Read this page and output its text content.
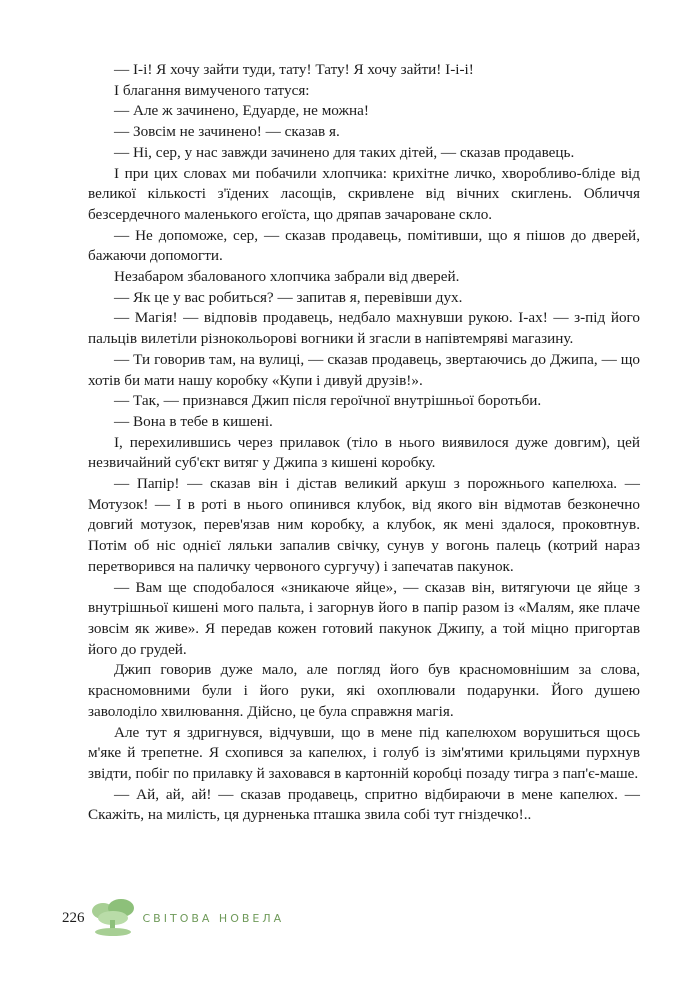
— І-і! Я хочу зайти туди, тату! Тату! Я хочу зайти! І-і-і!

І благання вимученого татуся:

— Але ж зачинено, Едуарде, не можна!

— Зовсім не зачинено! — сказав я.

— Ні, сер, у нас завжди зачинено для таких дітей, — сказав продавець.

І при цих словах ми побачили хлопчика: крихітне личко, хворобливо-бліде від великої кількості з'їдених ласощів, скривлене від вічних скиглень. Обличчя безсердечного маленького егоїста, що дряпав зачароване скло.

— Не допоможе, сер, — сказав продавець, помітивши, що я пішов до дверей, бажаючи допомогти.

Незабаром збалованого хлопчика забрали від дверей.

— Як це у вас робиться? — запитав я, перевівши дух.

— Магія! — відповів продавець, недбало махнувши рукою. І-ах! — з-під його пальців вилетіли різнокольорові вогники й згасли в напівтемряві магазину.

— Ти говорив там, на вулиці, — сказав продавець, звертаючись до Джипа, — що хотів би мати нашу коробку «Купи і дивуй друзів!».

— Так, — признався Джип після героїчної внутрішньої боротьби.

— Вона в тебе в кишені.

І, перехилившись через прилавок (тіло в нього виявилося дуже довгим), цей незвичайний суб'єкт витяг у Джипа з кишені коробку.

— Папір! — сказав він і дістав великий аркуш з порожнього капелюха. — Мотузок! — І в роті в нього опинився клубок, від якого він відмотав безконечно довгий мотузок, перев'язав ним коробку, а клубок, як мені здалося, проковтнув. Потім об ніс однієї ляльки запалив свічку, сунув у вогонь палець (котрий нараз перетворився на паличку червоного сургучу) і запечатав пакунок.

— Вам ще сподобалося «зникаюче яйце», — сказав він, витягуючи це яйце з внутрішньої кишені мого пальта, і загорнув його в папір разом із «Малям, яке плаче зовсім як живе». Я передав кожен готовий пакунок Джипу, а той міцно пригортав його до грудей.

Джип говорив дуже мало, але погляд його був красномовнішим за слова, красномовними були і його руки, які охоплювали подарунки. Його душею заволоділо хвилювання. Дійсно, це була справжня магія.

Але тут я здригнувся, відчувши, що в мене під капелюхом ворушиться щось м'яке й трепетне. Я схопився за капелюх, і голуб із зім'ятими крильцями пурхнув звідти, побіг по прилавку й заховався в картонній коробці позаду тигра з пап'є-маше.

— Ай, ай, ай! — сказав продавець, спритно відбираючи в мене капелюх. — Скажіть, на милість, ця дурненька пташка звила собі тут гніздечко!..

226	СВІТОВА НОВЕЛА
